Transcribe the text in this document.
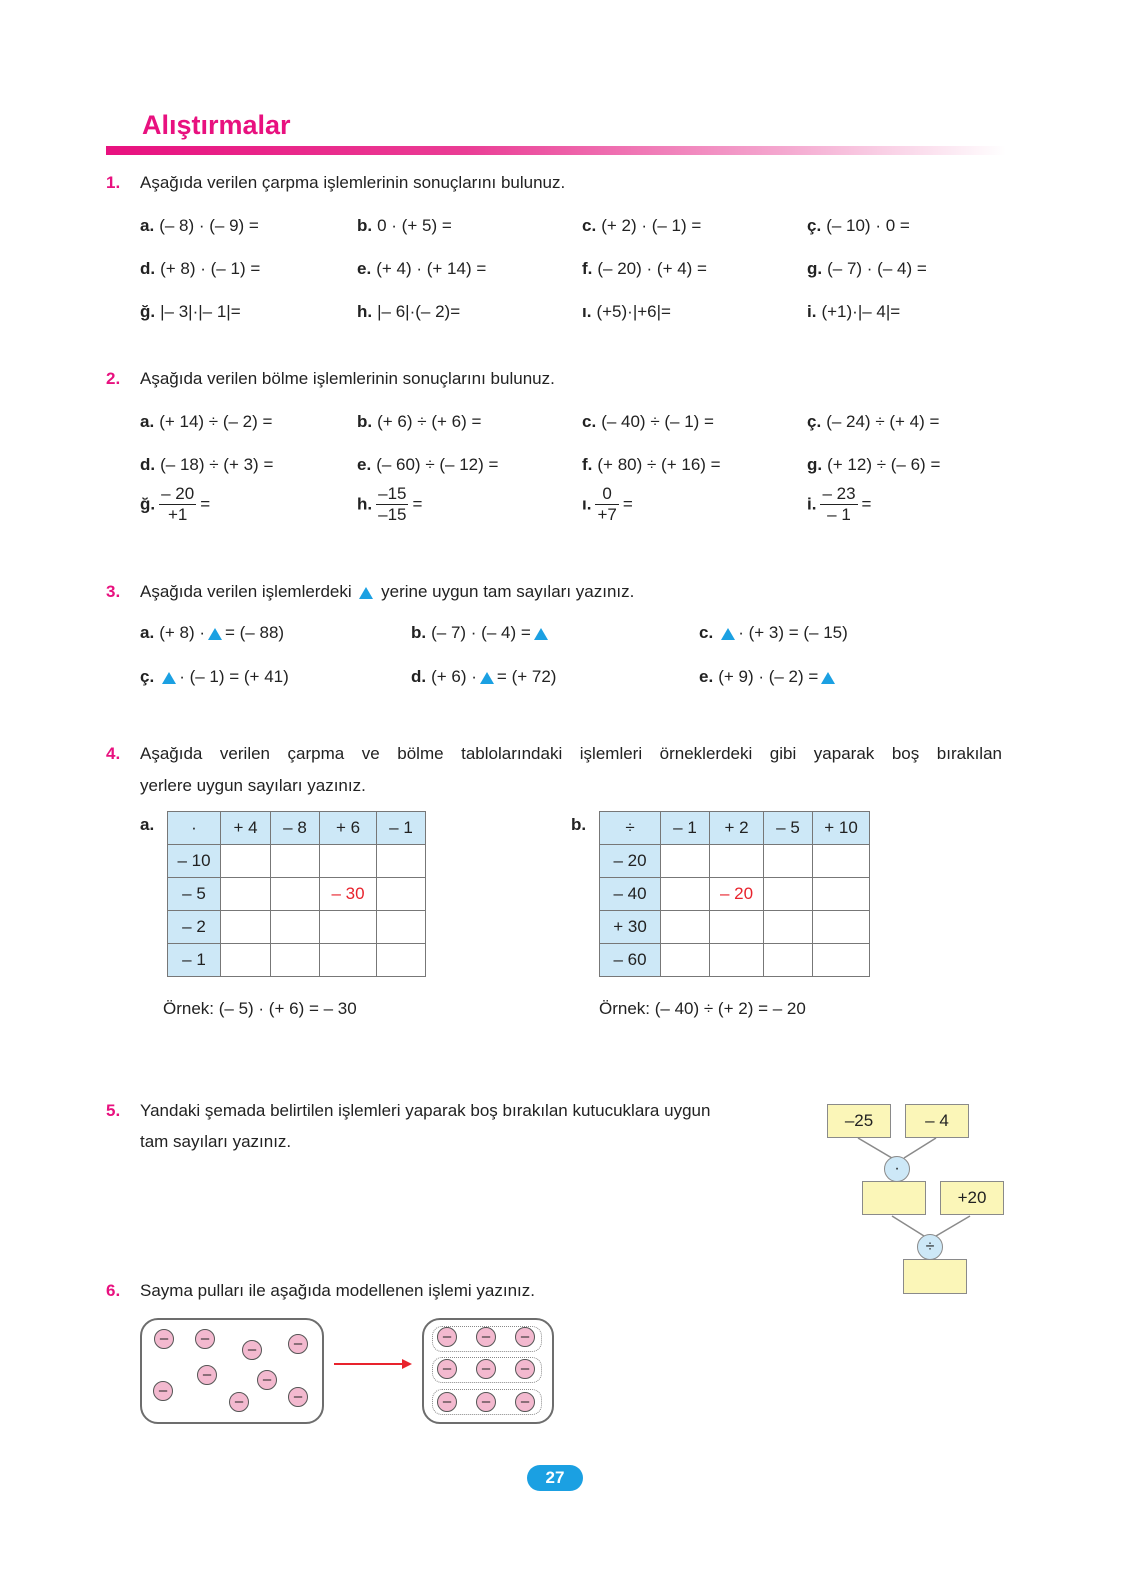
Alıştırmalar
1. Aşağıda verilen çarpma işlemlerinin sonuçlarını bulunuz.
a. (– 8) · (– 9) =	b. 0 · (+ 5) =	c. (+ 2) · (– 1) =	ç. (– 10) · 0 =
d. (+ 8) · (– 1) =	e. (+ 4) · (+ 14) =	f. (– 20) · (+ 4) =	g. (– 7) · (– 4) =
ğ. |– 3|·|– 1|=	h. |– 6|·(– 2)=	ı. (+5)·|+6|=	i. (+1)·|– 4|=
2. Aşağıda verilen bölme işlemlerinin sonuçlarını bulunuz.
a. (+ 14) ÷ (– 2) =	b. (+ 6) ÷ (+ 6) =	c. (– 40) ÷ (– 1) =	ç. (– 24) ÷ (+ 4) =
d. (– 18) ÷ (+ 3) =	e. (– 60) ÷ (– 12) =	f. (+ 80) ÷ (+ 16) =	g. (+ 12) ÷ (– 6) =
ğ. $\frac{- 20}{+1}$ =	h. $\frac{-15}{-15}$ =	ı. $\frac{0}{+7}$ =	i. $\frac{- 23}{- 1}$ =
3. Aşağıda verilen işlemlerdeki yerine uygun tam sayıları yazınız.
a. (+ 8) · = (– 88)	b. (– 7) · (– 4) =	c. · (+ 3) = (– 15)
ç. · (– 1) = (+ 41)	d. (+ 6) · = (+ 72)	e. (+ 9) · (– 2) =
4. Aşağıda verilen çarpma ve bölme tablolarındaki işlemleri örneklerdeki gibi yaparak boş bırakılan
yerlere uygun sayıları yazınız.
a. ·	+ 4	– 8	+ 6	– 1
– 10				
– 5			– 30	
– 2				
– 1				
Örnek: (– 5) · (+ 6) = – 30
b. ÷	– 1	+ 2	– 5	+ 10
– 20				
– 40		– 20		
+ 30				
– 60				
Örnek: (– 40) ÷ (+ 2) = – 20
5. Yandaki şemada belirtilen işlemleri yaparak boş bırakılan kutucuklara uygun
tam sayıları yazınız.
–25	– 4
·
+20
÷
6. Sayma pulları ile aşağıda modellenen işlemi yazınız.
–	–
–	–
–	–
–
–	–
–	–	–
–	–	–
–	–	–
27
